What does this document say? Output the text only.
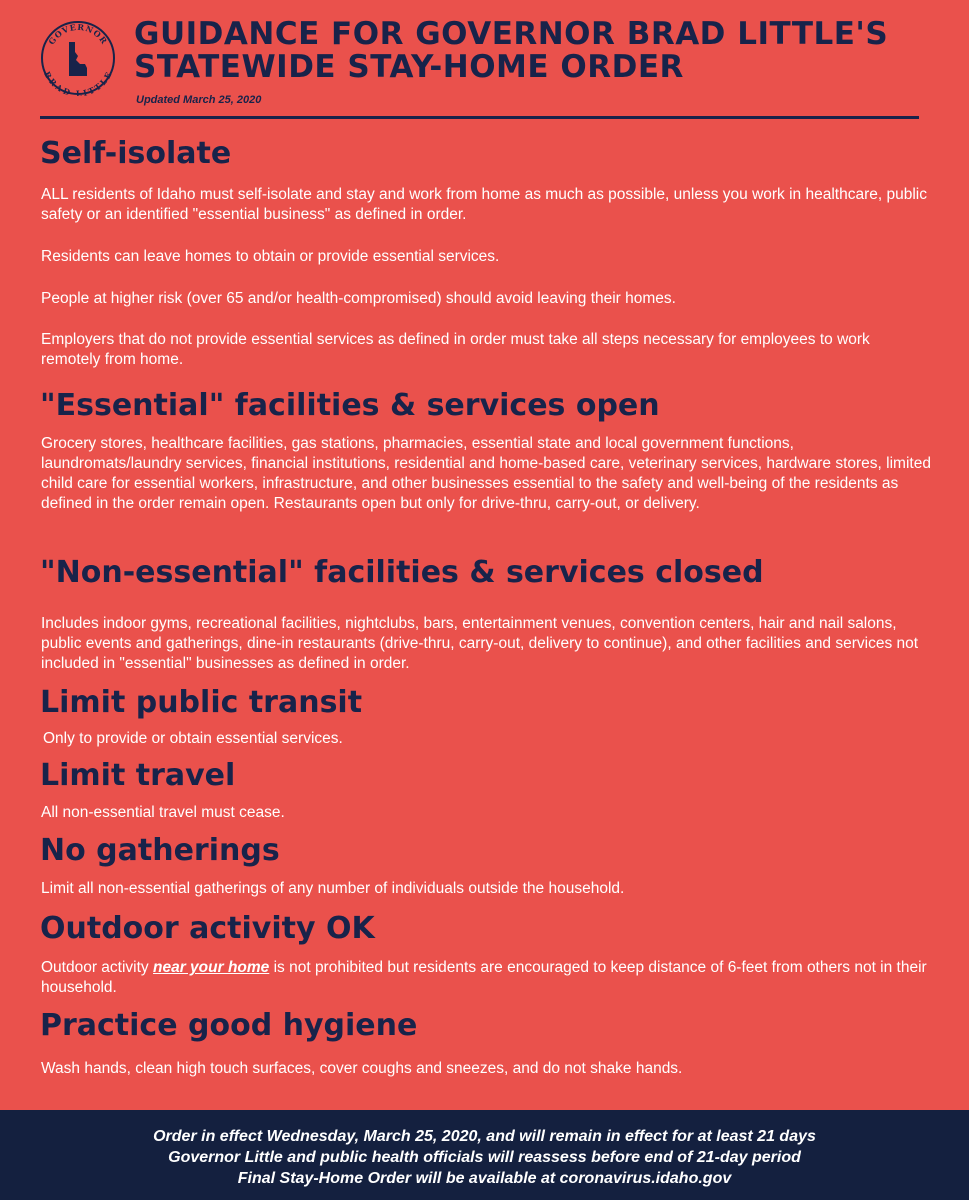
GOVERNOR
BRAD LITTLE
GUIDANCE FOR GOVERNOR BRAD LITTLE'S
STATEWIDE STAY-HOME ORDER
Updated March 25, 2020
Self-isolate
ALL residents of Idaho must self-isolate and stay and work from home as much as possible, unless you work in healthcare, public safety or an identified "essential business" as defined in order.
Residents can leave homes to obtain or provide essential services.
People at higher risk (over 65 and/or health-compromised) should avoid leaving their homes.
Employers that do not provide essential services as defined in order must take all steps necessary for employees to work remotely from home.
"Essential" facilities & services open
Grocery stores, healthcare facilities, gas stations, pharmacies, essential state and local government functions, laundromats/laundry services, financial institutions, residential and home-based care, veterinary services, hardware stores, limited child care for essential workers, infrastructure, and other businesses essential to the safety and well-being of the residents as defined in the order remain open. Restaurants open but only for drive-thru, carry-out, or delivery.
"Non-essential" facilities & services closed
Includes indoor gyms, recreational facilities, nightclubs, bars, entertainment venues, convention centers, hair and nail salons, public events and gatherings, dine-in restaurants (drive-thru, carry-out, delivery to continue), and other facilities and services not included in "essential" businesses as defined in order.
Limit public transit
Only to provide or obtain essential services.
Limit travel
All non-essential travel must cease.
No gatherings
Limit all non-essential gatherings of any number of individuals outside the household.
Outdoor activity OK
Outdoor activity near your home is not prohibited but residents are encouraged to keep distance of 6-feet from others not in their household.
Practice good hygiene
Wash hands, clean high touch surfaces, cover coughs and sneezes, and do not shake hands.
Order in effect Wednesday, March 25, 2020, and will remain in effect for at least 21 days
Governor Little and public health officials will reassess before end of 21-day period
Final Stay-Home Order will be available at coronavirus.idaho.gov
